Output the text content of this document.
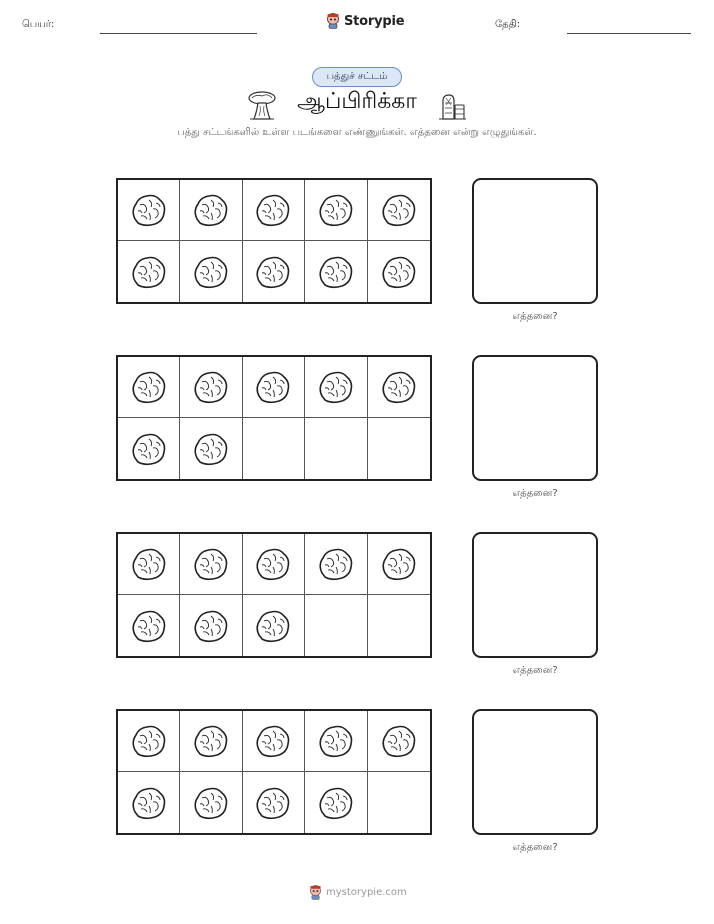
பெயர்:	Storypie	தேதி:
பத்துச் சட்டம்
ஆப்பிரிக்கா
பத்து சட்டங்களில் உள்ள படங்களை எண்ணுங்கள். எத்தனை என்று எழுதுங்கள்.
எத்தனை?
எத்தனை?
எத்தனை?
எத்தனை?
mystorypie.com
